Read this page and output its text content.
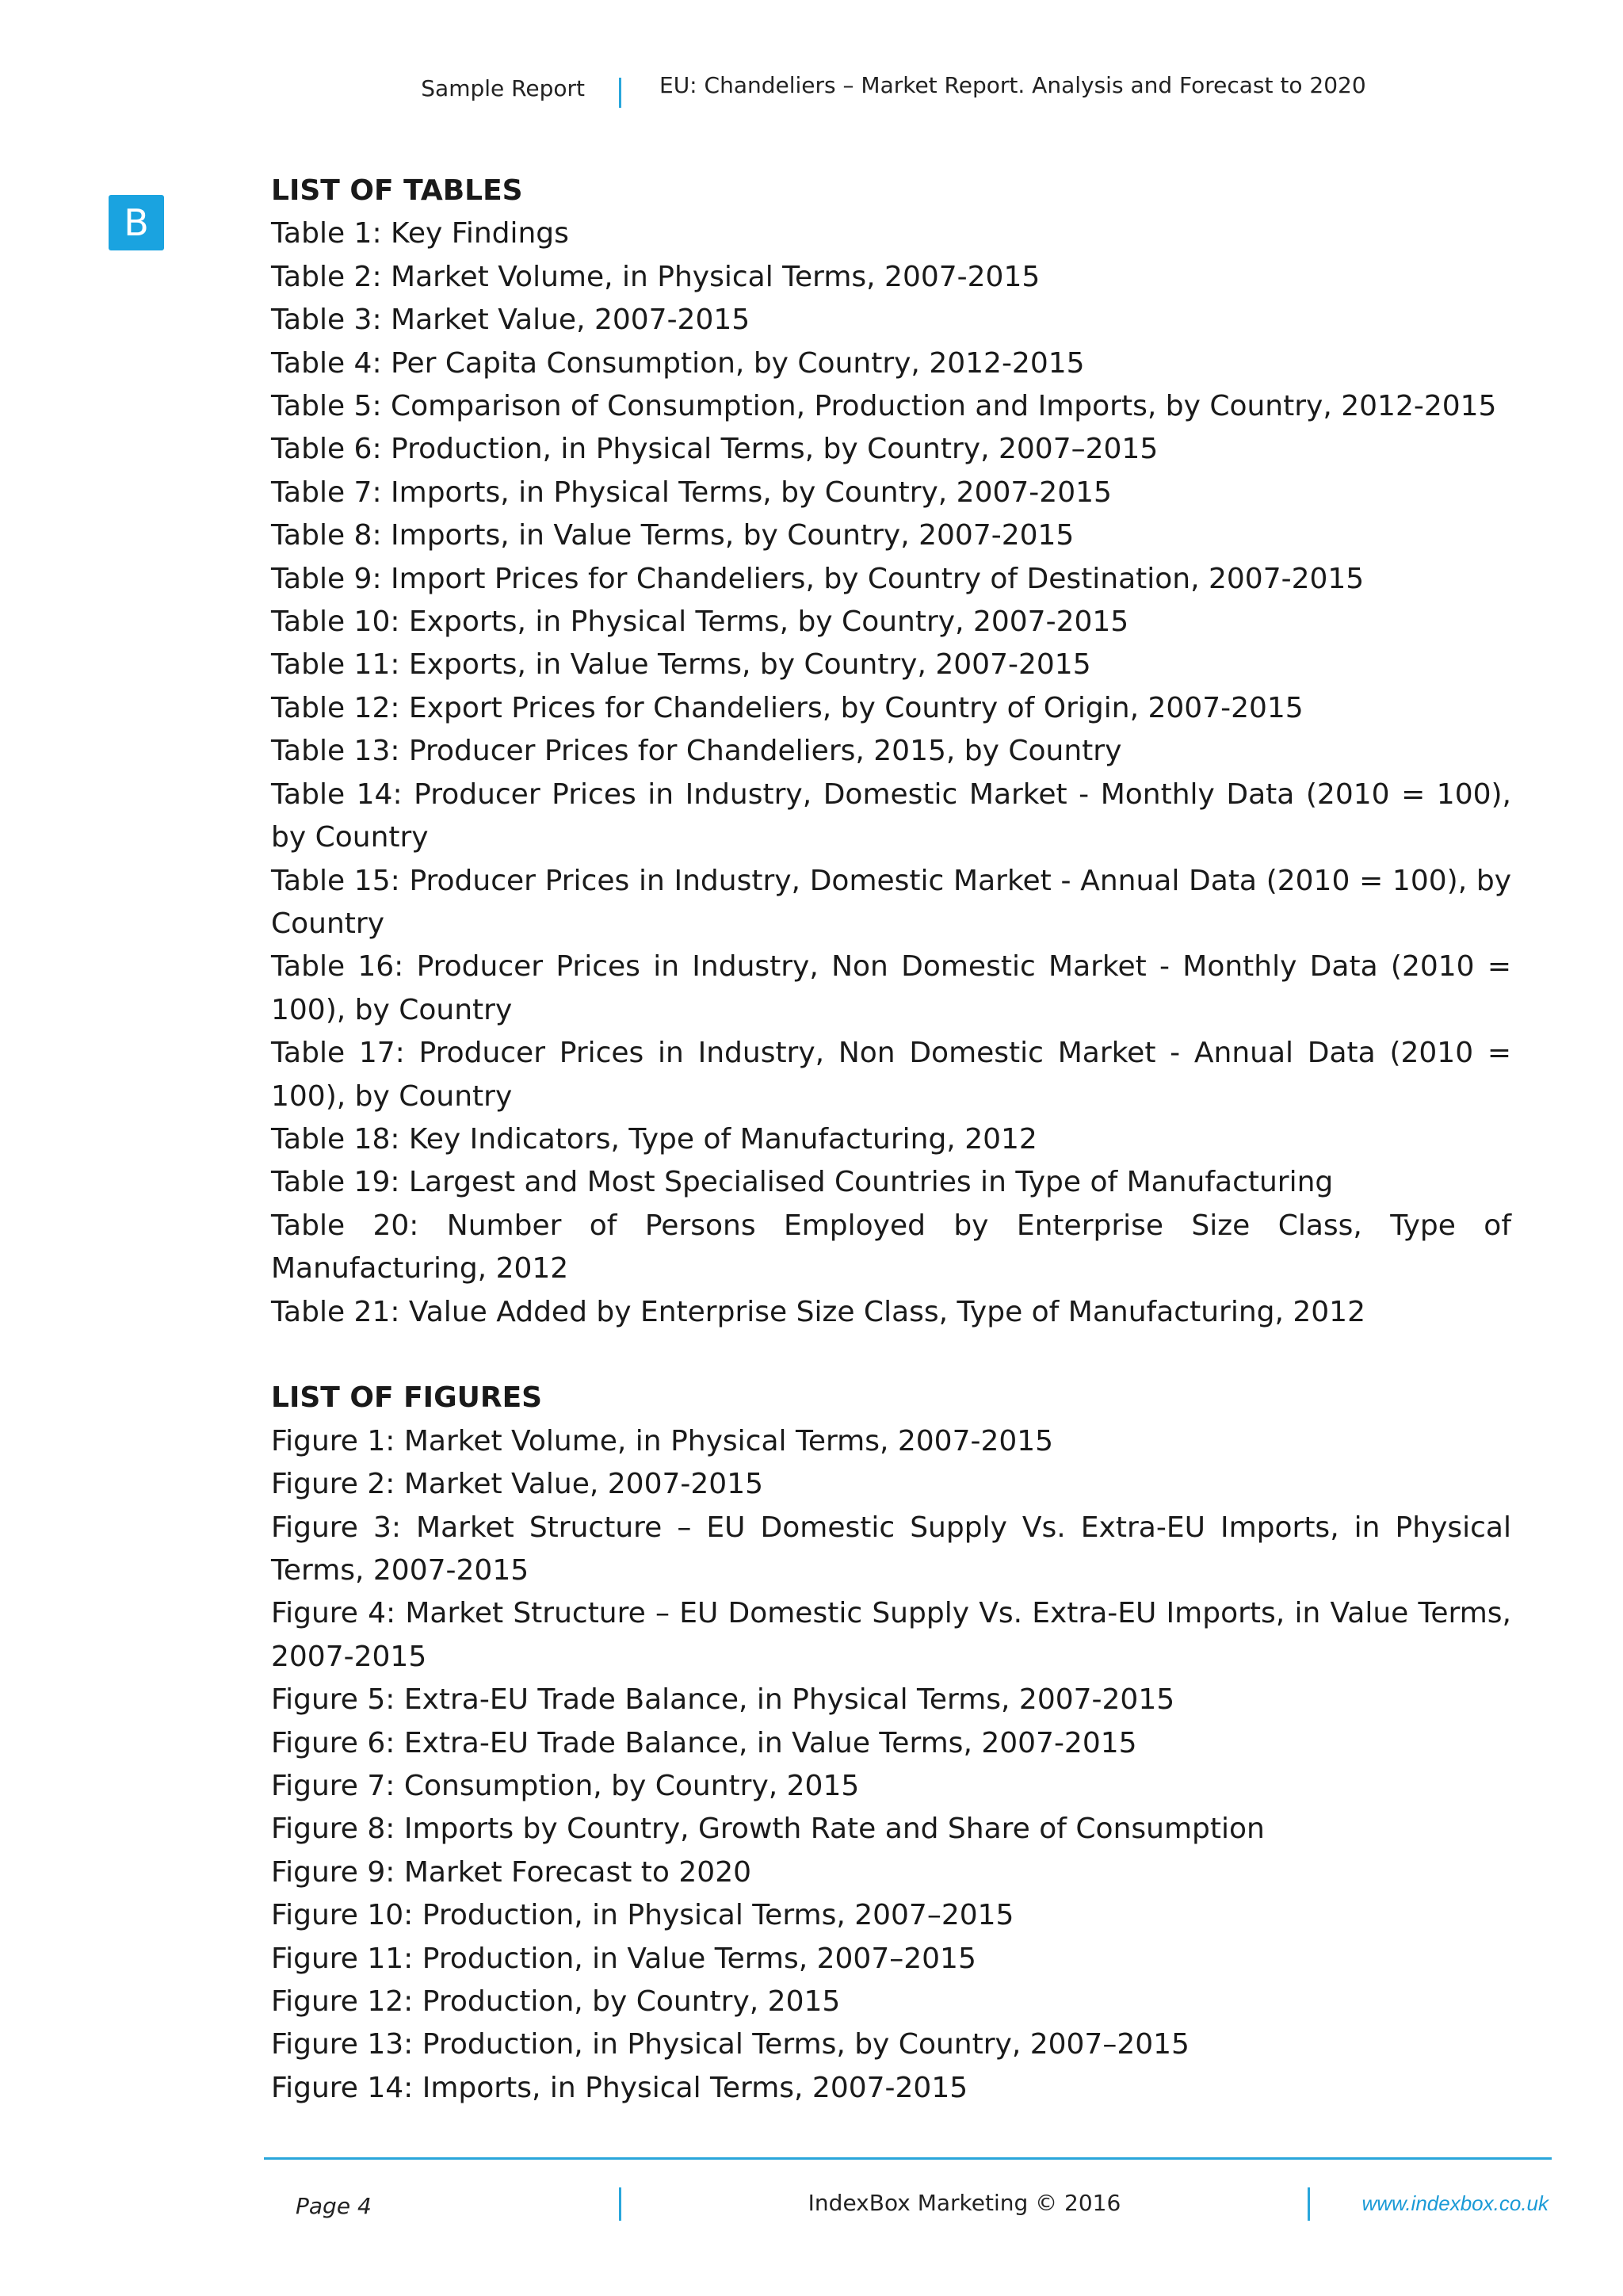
Sample Report	EU: Chandeliers – Market Report. Analysis and Forecast to 2020
B

LIST OF TABLES

Table 1: Key Findings

Table 2: Market Volume, in Physical Terms, 2007-2015

Table 3: Market Value, 2007-2015

Table 4: Per Capita Consumption, by Country, 2012-2015

Table 5: Comparison of Consumption, Production and Imports, by Country, 2012-2015

Table 6: Production, in Physical Terms, by Country, 2007–2015

Table 7: Imports, in Physical Terms, by Country, 2007-2015

Table 8: Imports, in Value Terms, by Country, 2007-2015

Table 9: Import Prices for Chandeliers, by Country of Destination, 2007-2015

Table 10: Exports, in Physical Terms, by Country, 2007-2015

Table 11: Exports, in Value Terms, by Country, 2007-2015

Table 12: Export Prices for Chandeliers, by Country of Origin, 2007-2015

Table 13: Producer Prices for Chandeliers, 2015, by Country

Table 14: Producer Prices in Industry, Domestic Market - Monthly Data (2010 = 100), by Country

Table 15: Producer Prices in Industry, Domestic Market - Annual Data (2010 = 100), by Country

Table 16: Producer Prices in Industry, Non Domestic Market - Monthly Data (2010 = 100), by Country

Table 17: Producer Prices in Industry, Non Domestic Market - Annual Data (2010 = 100), by Country

Table 18: Key Indicators, Type of Manufacturing, 2012

Table 19: Largest and Most Specialised Countries in Type of Manufacturing

Table 20: Number of Persons Employed by Enterprise Size Class, Type of Manufacturing, 2012

Table 21: Value Added by Enterprise Size Class, Type of Manufacturing, 2012

LIST OF FIGURES

Figure 1: Market Volume, in Physical Terms, 2007-2015

Figure 2: Market Value, 2007-2015

Figure 3: Market Structure – EU Domestic Supply Vs. Extra-EU Imports, in Physical Terms, 2007-2015

Figure 4: Market Structure – EU Domestic Supply Vs. Extra-EU Imports, in Value Terms, 2007-2015

Figure 5: Extra-EU Trade Balance, in Physical Terms, 2007-2015

Figure 6: Extra-EU Trade Balance, in Value Terms, 2007-2015

Figure 7: Consumption, by Country, 2015

Figure 8: Imports by Country, Growth Rate and Share of Consumption

Figure 9: Market Forecast to 2020

Figure 10: Production, in Physical Terms, 2007–2015

Figure 11: Production, in Value Terms, 2007–2015

Figure 12: Production, by Country, 2015

Figure 13: Production, in Physical Terms, by Country, 2007–2015

Figure 14: Imports, in Physical Terms, 2007-2015

Page 4	IndexBox Marketing © 2016	www.indexbox.co.uk
